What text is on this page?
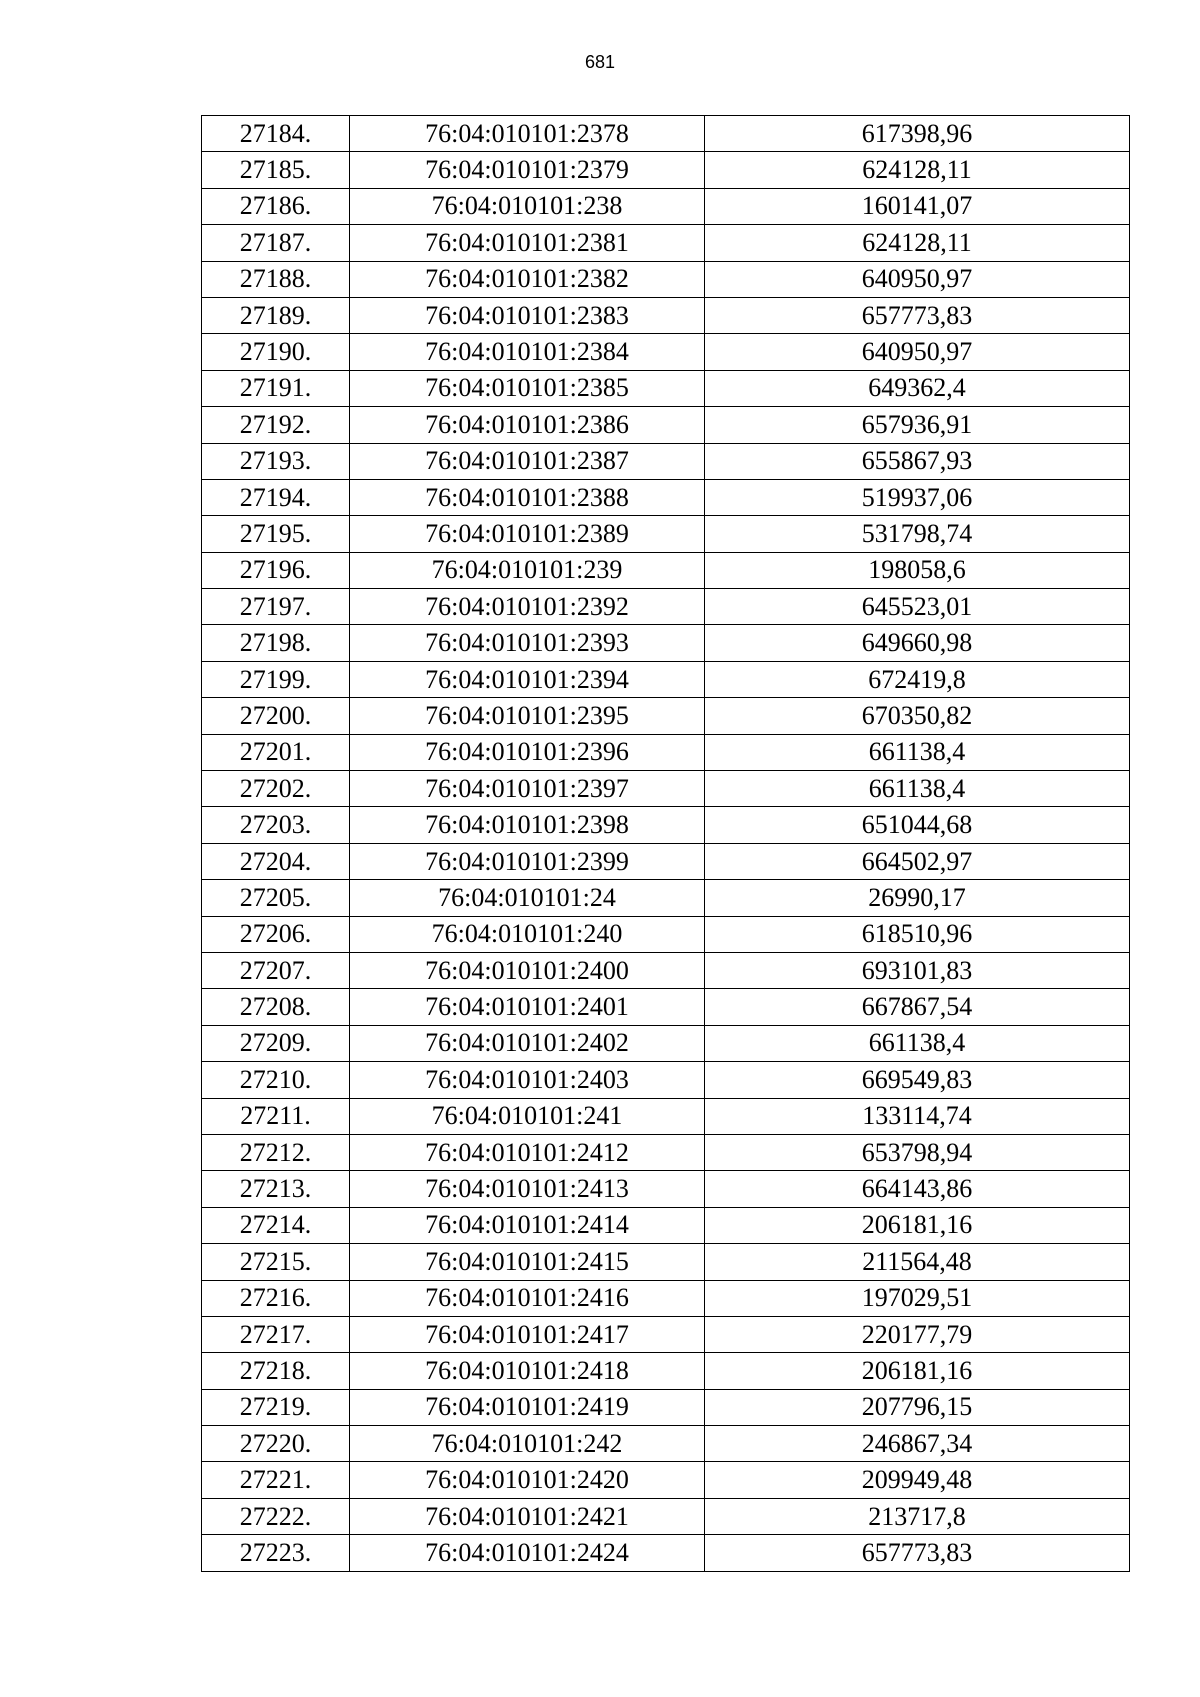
681
27184.	76:04:010101:2378	617398,96
27185.	76:04:010101:2379	624128,11
27186.	76:04:010101:238	160141,07
27187.	76:04:010101:2381	624128,11
27188.	76:04:010101:2382	640950,97
27189.	76:04:010101:2383	657773,83
27190.	76:04:010101:2384	640950,97
27191.	76:04:010101:2385	649362,4
27192.	76:04:010101:2386	657936,91
27193.	76:04:010101:2387	655867,93
27194.	76:04:010101:2388	519937,06
27195.	76:04:010101:2389	531798,74
27196.	76:04:010101:239	198058,6
27197.	76:04:010101:2392	645523,01
27198.	76:04:010101:2393	649660,98
27199.	76:04:010101:2394	672419,8
27200.	76:04:010101:2395	670350,82
27201.	76:04:010101:2396	661138,4
27202.	76:04:010101:2397	661138,4
27203.	76:04:010101:2398	651044,68
27204.	76:04:010101:2399	664502,97
27205.	76:04:010101:24	26990,17
27206.	76:04:010101:240	618510,96
27207.	76:04:010101:2400	693101,83
27208.	76:04:010101:2401	667867,54
27209.	76:04:010101:2402	661138,4
27210.	76:04:010101:2403	669549,83
27211.	76:04:010101:241	133114,74
27212.	76:04:010101:2412	653798,94
27213.	76:04:010101:2413	664143,86
27214.	76:04:010101:2414	206181,16
27215.	76:04:010101:2415	211564,48
27216.	76:04:010101:2416	197029,51
27217.	76:04:010101:2417	220177,79
27218.	76:04:010101:2418	206181,16
27219.	76:04:010101:2419	207796,15
27220.	76:04:010101:242	246867,34
27221.	76:04:010101:2420	209949,48
27222.	76:04:010101:2421	213717,8
27223.	76:04:010101:2424	657773,83
